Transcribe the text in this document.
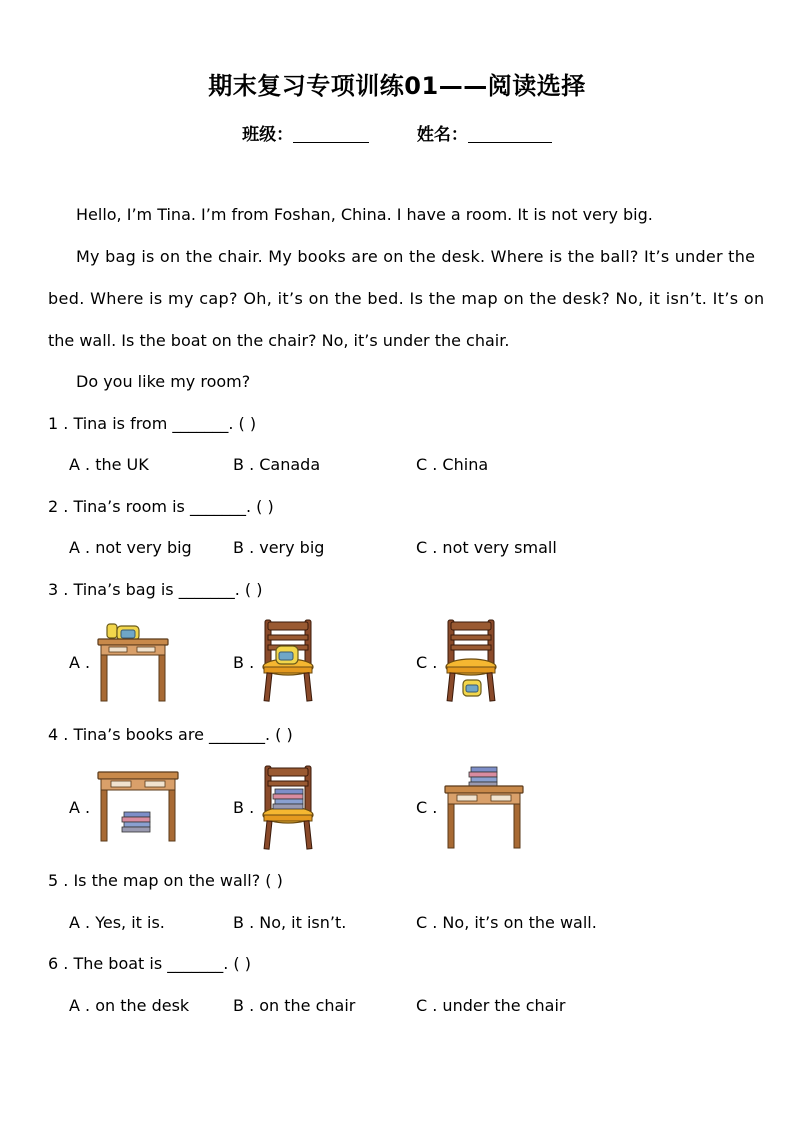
期末复习专项训练01——阅读选择
班级：	姓名：
Hello, I’m Tina. I’m from Foshan, China. I have a room. It is not very big.
My bag is on the chair. My books are on the desk. Where is the ball? It’s under the
bed. Where is my cap? Oh, it’s on the bed. Is the map on the desk? No, it isn’t. It’s on
the wall. Is the boat on the chair? No, it’s under the chair.
Do you like my room?
1 . Tina is from _______. ( )
A . the UK	B . Canada	C . China
2 . Tina’s room is _______. ( )
A . not very big	B . very big	C . not very small
3 . Tina’s bag is _______. ( )
A .	B .	C .
4 . Tina’s books are _______. ( )
A .	B .	C .
5 . Is the map on the wall? ( )
A . Yes, it is.	B . No, it isn’t.	C . No, it’s on the wall.
6 . The boat is _______. ( )
A . on the desk	B . on the chair	C . under the chair
